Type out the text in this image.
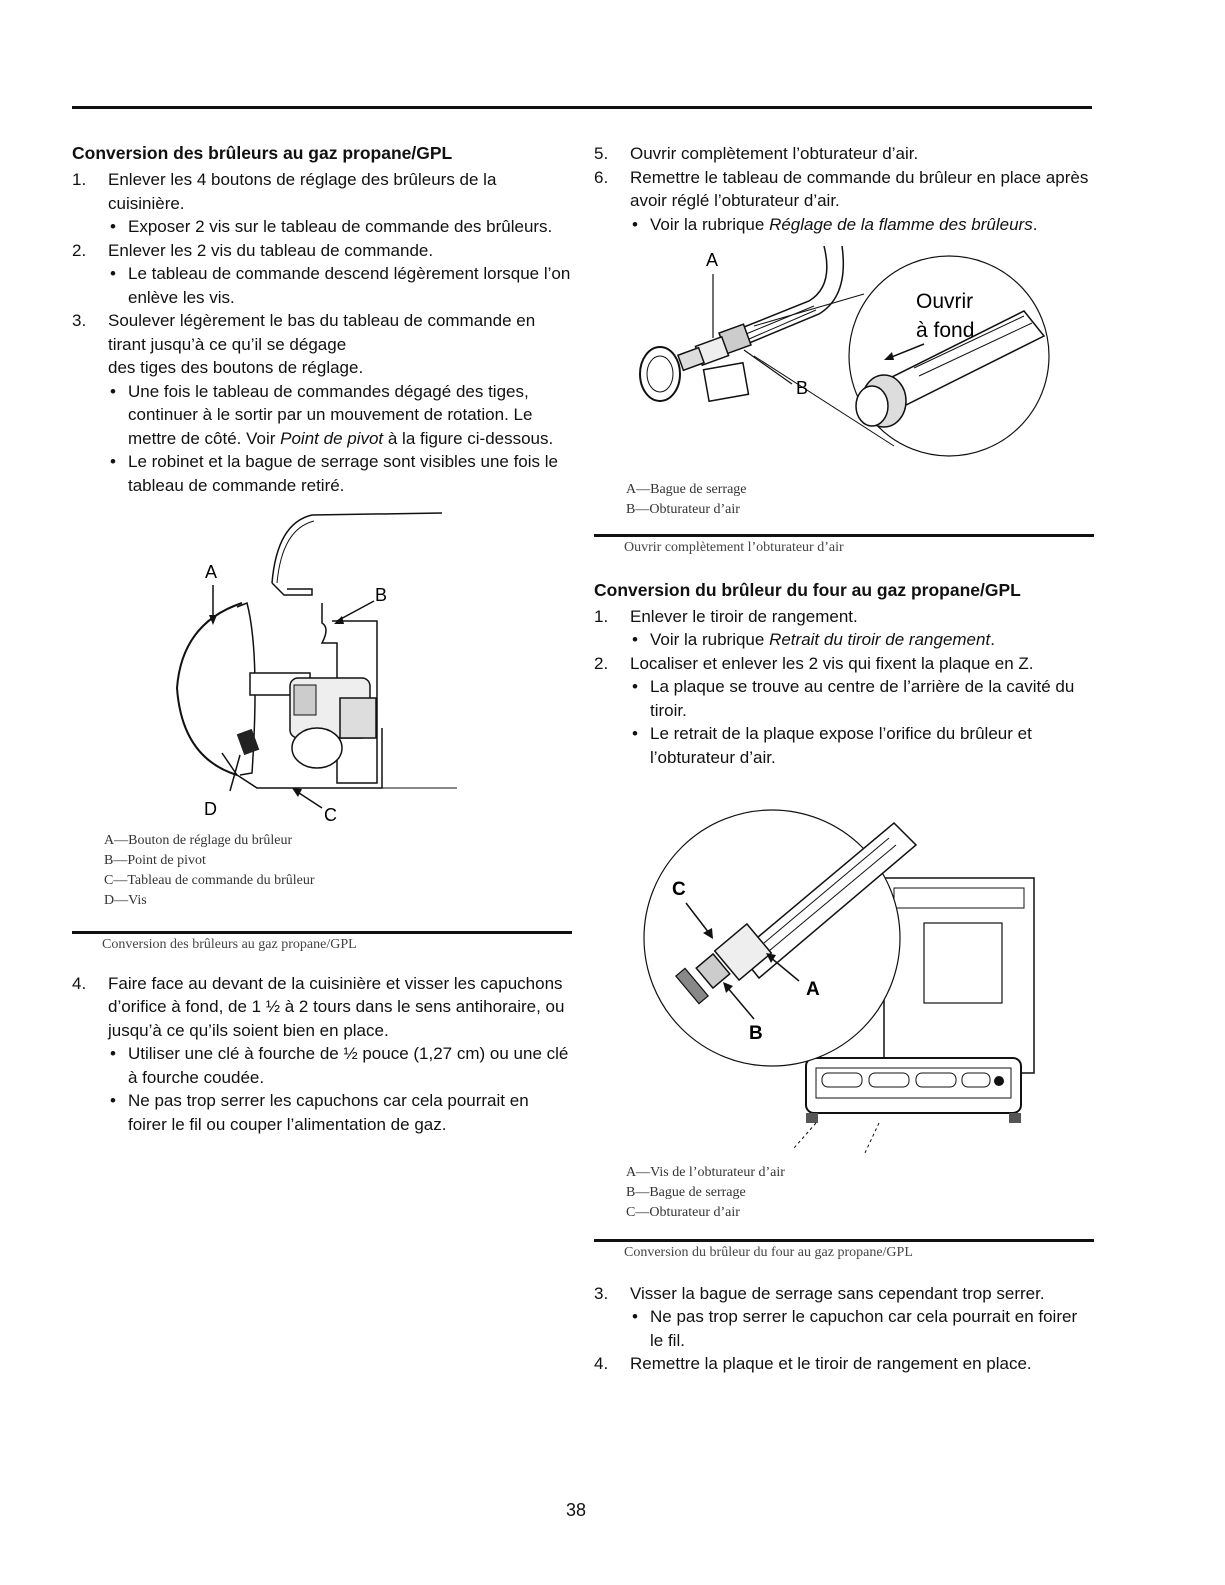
Conversion des brûleurs au gaz propane/GPL
1.	Enlever les 4 boutons de réglage des brûleurs de la cuisinière.
• Exposer 2 vis sur le tableau de commande des brûleurs.
2.	Enlever les 2 vis du tableau de commande.
• Le tableau de commande descend légèrement lorsque l’on enlève les vis.
3.	Soulever légèrement le bas du tableau de commande en tirant jusqu’à ce qu’il se dégage
des tiges des boutons de réglage.
• Une fois le tableau de commandes dégagé des tiges, continuer à le sortir par un mouvement de rotation. Le mettre de côté. Voir Point de pivot à la figure ci-dessous.
• Le robinet et la bague de serrage sont visibles une fois le tableau de commande retiré.
A
B
C
D
A—Bouton de réglage du brûleur
B—Point de pivot
C—Tableau de commande du brûleur
D—Vis
Conversion des brûleurs au gaz propane/GPL
4.	Faire face au devant de la cuisinière et visser les capuchons d’orifice à fond, de 1 ½ à 2 tours dans le sens antihoraire, ou jusqu’à ce qu’ils soient bien en place.
• Utiliser une clé à fourche de ½ pouce (1,27 cm) ou une clé à fourche coudée.
• Ne pas trop serrer les capuchons car cela pourrait en foirer le fil ou couper l’alimentation de gaz.
5.	Ouvrir complètement l’obturateur d’air.
6.	Remettre le tableau de commande du brûleur en place après avoir réglé l’obturateur d’air.
• Voir la rubrique Réglage de la flamme des brûleurs.
Ouvrir
à fond
A
B
A—Bague de serrage
B—Obturateur d’air
Ouvrir complètement l’obturateur d’air
Conversion du brûleur du four au gaz propane/GPL
1.	Enlever le tiroir de rangement.
• Voir la rubrique Retrait du tiroir de rangement.
2.	Localiser et enlever les 2 vis qui fixent la plaque en Z.
• La plaque se trouve au centre de l’arrière de la cavité du tiroir.
• Le retrait de la plaque expose l’orifice du brûleur et l’obturateur d’air.
C
A
B
A—Vis de l’obturateur d’air
B—Bague de serrage
C—Obturateur d’air
Conversion du brûleur du four au gaz propane/GPL
3.	Visser la bague de serrage sans cependant trop serrer.
• Ne pas trop serrer le capuchon car cela pourrait en foirer le fil.
4.	Remettre la plaque et le tiroir de rangement en place.
38
